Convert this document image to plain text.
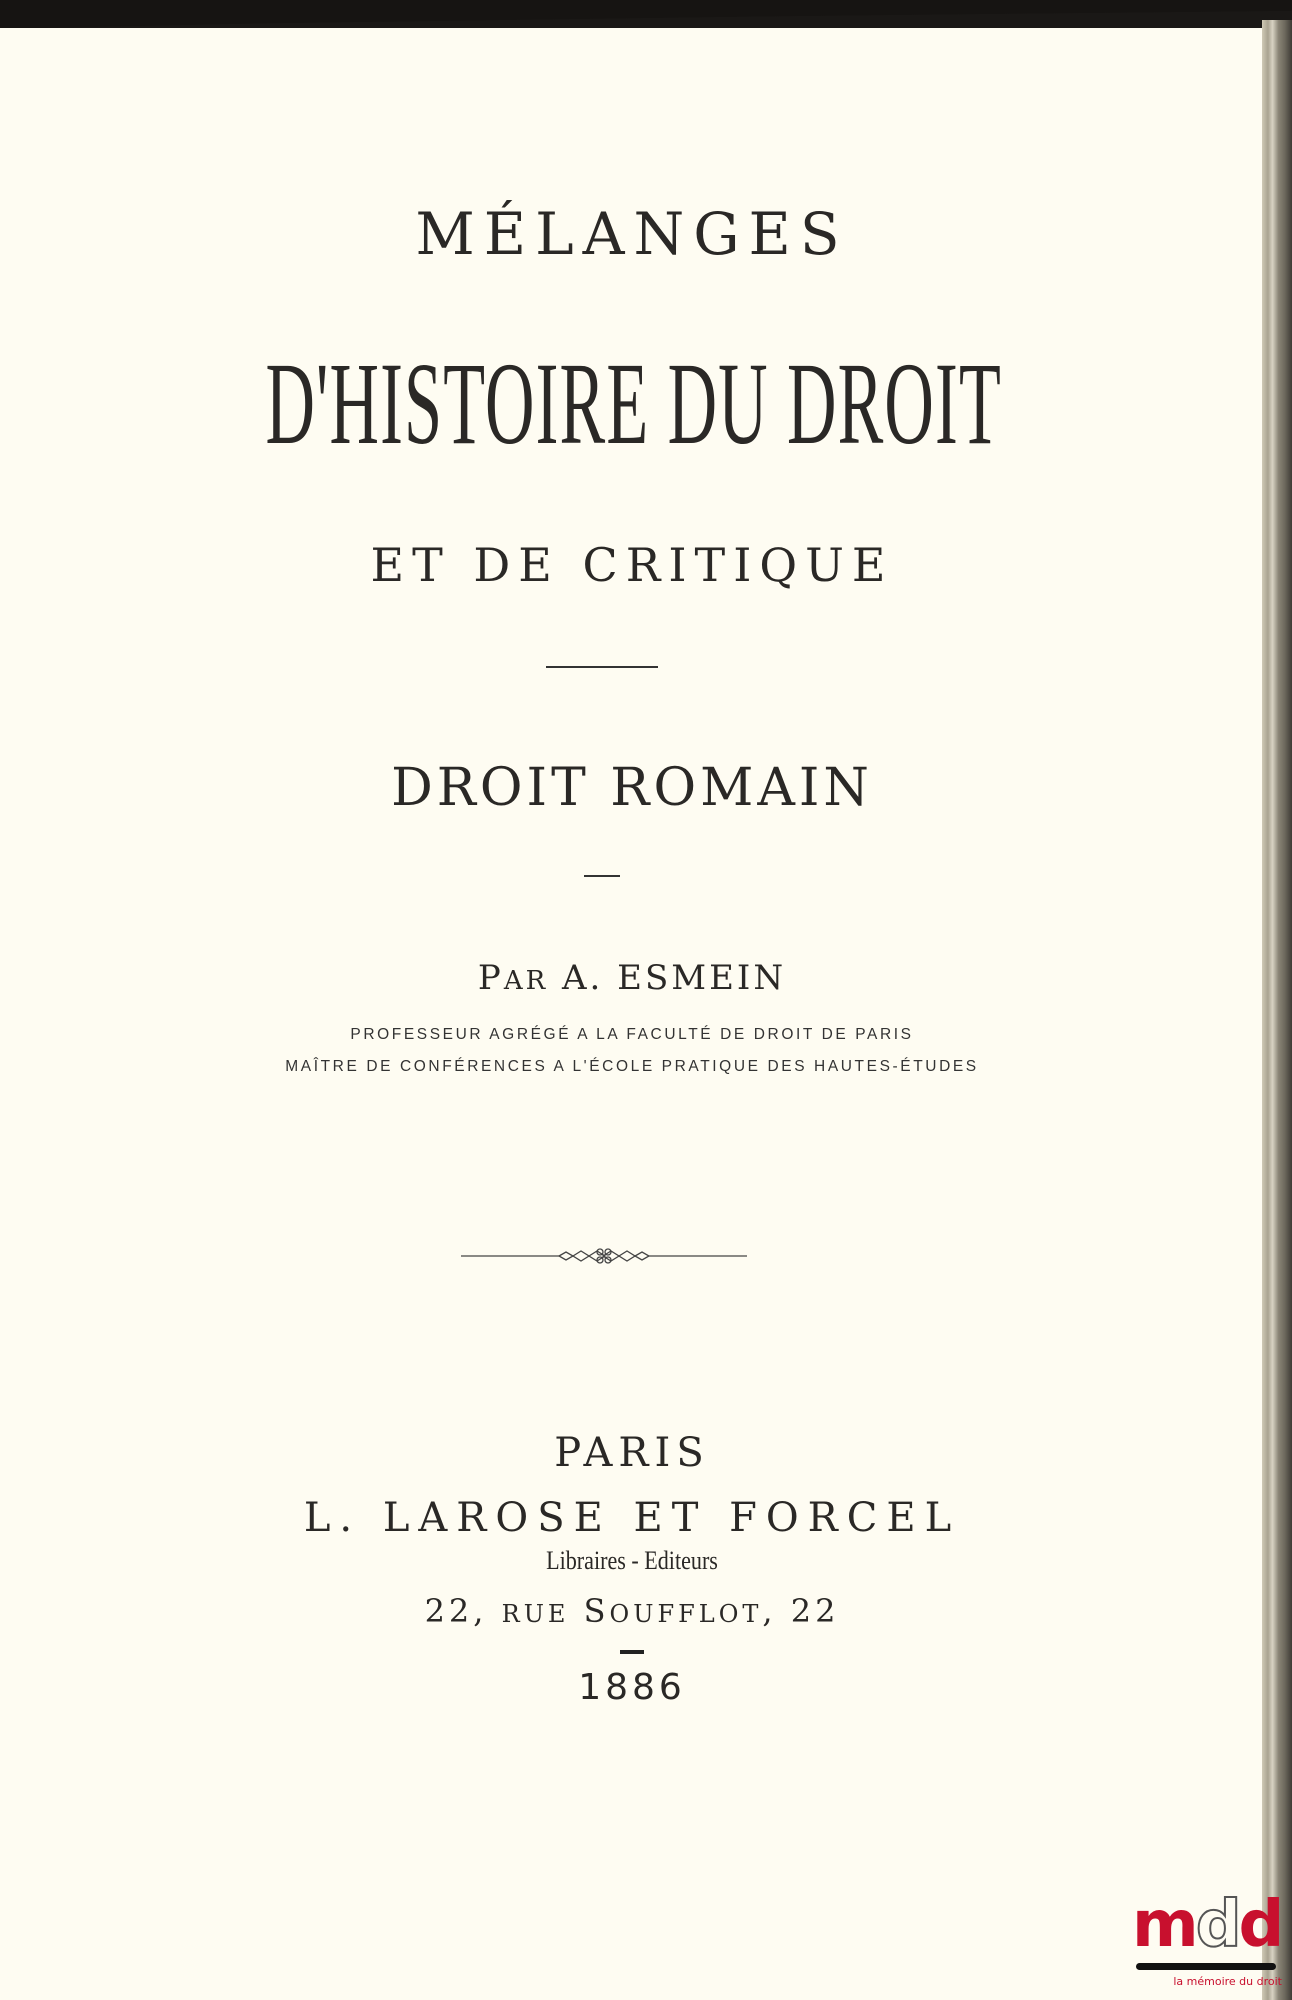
MÉLANGES
D'HISTOIRE DU DROIT
ET DE CRITIQUE
DROIT ROMAIN
PAR A. ESMEIN
PROFESSEUR AGRÉGÉ A LA FACULTÉ DE DROIT DE PARIS
MAÎTRE DE CONFÉRENCES A L'ÉCOLE PRATIQUE DES HAUTES-ÉTUDES
PARIS
L. LAROSE ET FORCEL
Libraires - Editeurs
22, RUE SOUFFLOT, 22
1886
mdd
la mémoire du droit
